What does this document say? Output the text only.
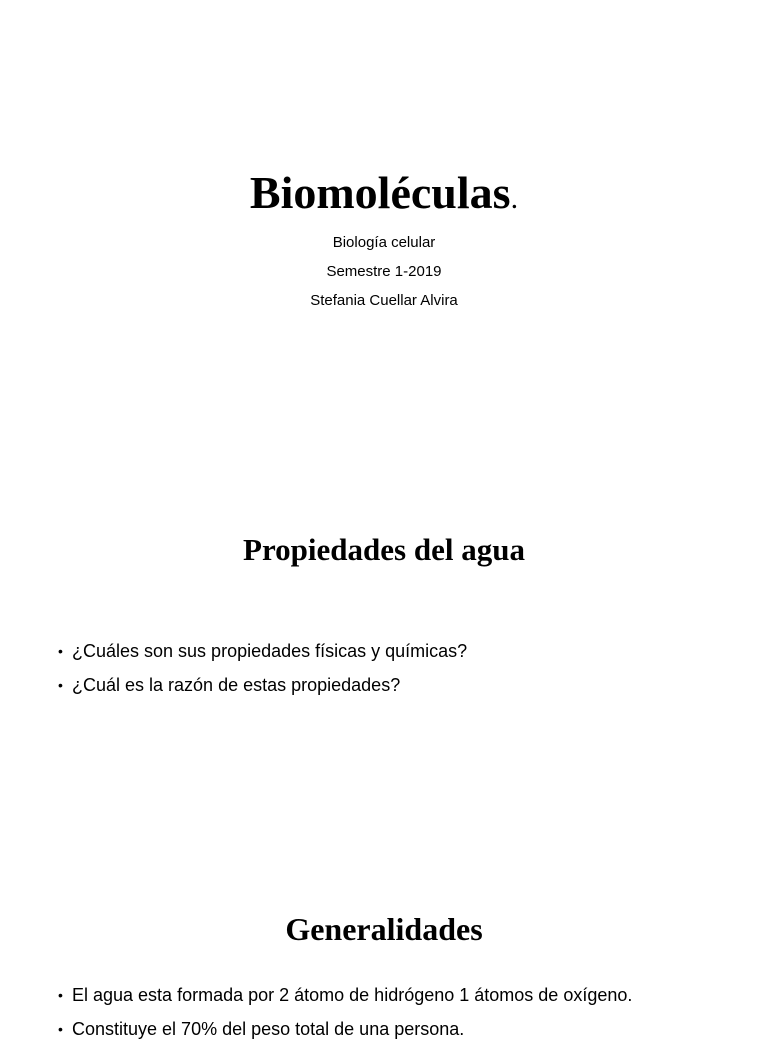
Biomoléculas.
Biología celular
Semestre 1-2019
Stefania Cuellar Alvira
Propiedades del agua
• ¿Cuáles son sus propiedades físicas y químicas?
• ¿Cuál es la razón de estas propiedades?
Generalidades
• El agua esta formada por 2 átomo de hidrógeno 1 átomos de oxígeno.
• Constituye el 70% del peso total de una persona.
